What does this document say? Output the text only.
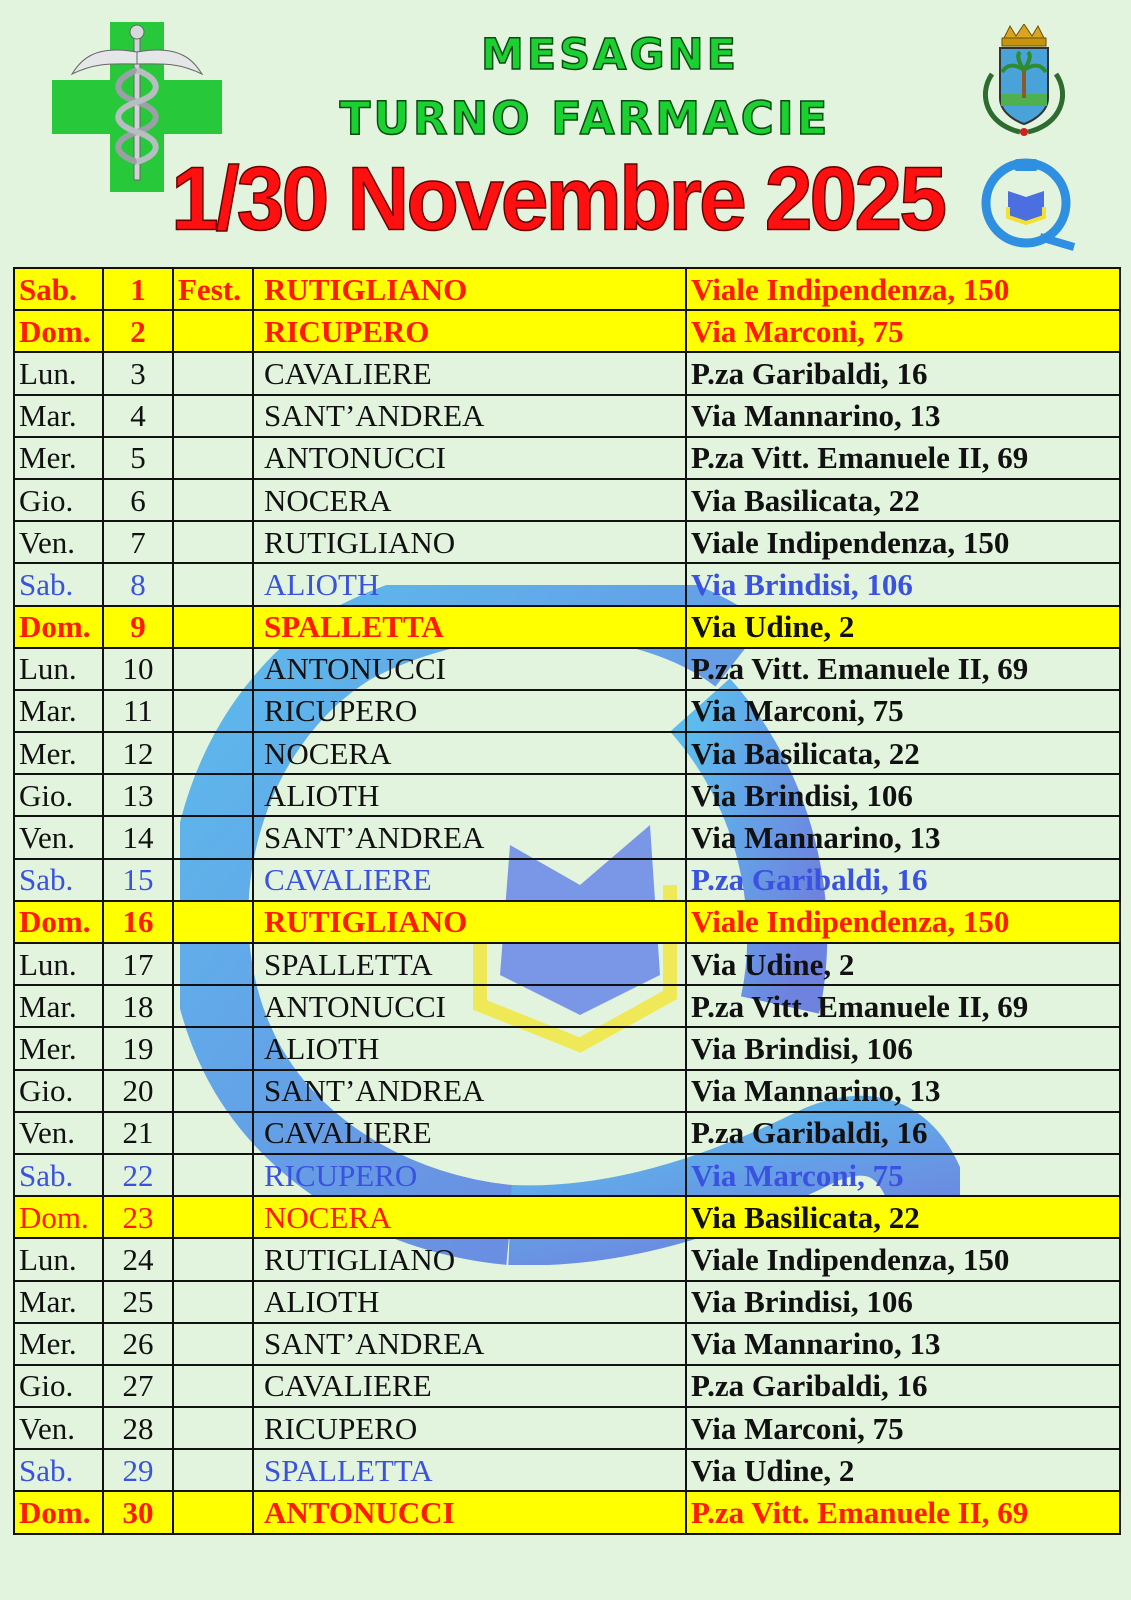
MESAGNE
TURNO FARMACIE
1/30 Novembre 2025
Sab.	1	Fest.	RUTIGLIANO	Viale Indipendenza, 150
Dom.	2		RICUPERO	Via Marconi, 75
Lun.	3		CAVALIERE	P.za Garibaldi, 16
Mar.	4		SANT’ANDREA	Via Mannarino, 13
Mer.	5		ANTONUCCI	P.za Vitt. Emanuele II, 69
Gio.	6		NOCERA	Via Basilicata, 22
Ven.	7		RUTIGLIANO	Viale Indipendenza, 150
Sab.	8		ALIOTH	Via Brindisi, 106
Dom.	9		SPALLETTA	Via Udine, 2
Lun.	10		ANTONUCCI	P.za Vitt. Emanuele II, 69
Mar.	11		RICUPERO	Via Marconi, 75
Mer.	12		NOCERA	Via Basilicata, 22
Gio.	13		ALIOTH	Via Brindisi, 106
Ven.	14		SANT’ANDREA	Via Mannarino, 13
Sab.	15		CAVALIERE	P.za Garibaldi, 16
Dom.	16		RUTIGLIANO	Viale Indipendenza, 150
Lun.	17		SPALLETTA	Via Udine, 2
Mar.	18		ANTONUCCI	P.za Vitt. Emanuele II, 69
Mer.	19		ALIOTH	Via Brindisi, 106
Gio.	20		SANT’ANDREA	Via Mannarino, 13
Ven.	21		CAVALIERE	P.za Garibaldi, 16
Sab.	22		RICUPERO	Via Marconi, 75
Dom.	23		NOCERA	Via Basilicata, 22
Lun.	24		RUTIGLIANO	Viale Indipendenza, 150
Mar.	25		ALIOTH	Via Brindisi, 106
Mer.	26		SANT’ANDREA	Via Mannarino, 13
Gio.	27		CAVALIERE	P.za Garibaldi, 16
Ven.	28		RICUPERO	Via Marconi, 75
Sab.	29		SPALLETTA	Via Udine, 2
Dom.	30		ANTONUCCI	P.za Vitt. Emanuele II, 69
